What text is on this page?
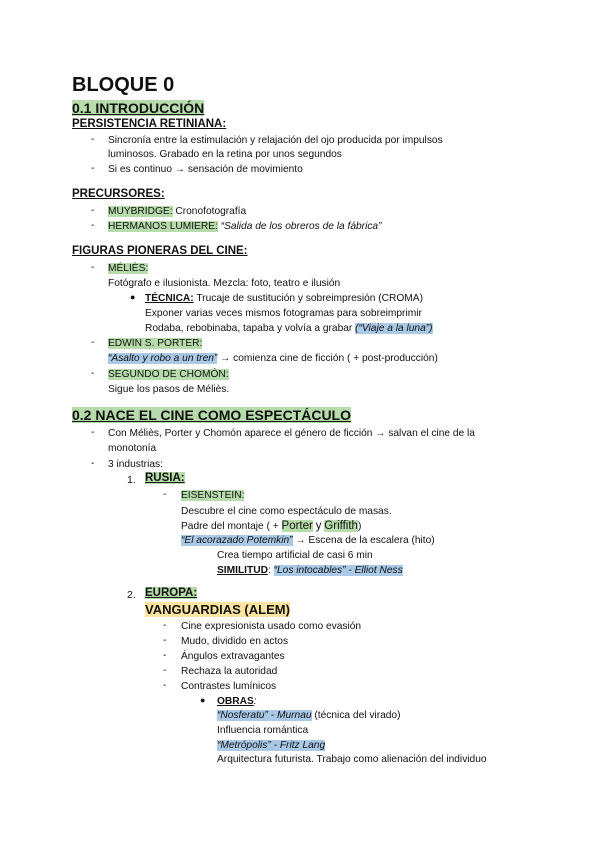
BLOQUE 0
0.1 INTRODUCCIÓN
PERSISTENCIA RETINIANA:
- Sincronía entre la estimulación y relajación del ojo producida por impulsos
luminosos. Grabado en la retina por unos segundos
- Si es continuo → sensación de movimiento
PRECURSORES:
- MUYBRIDGE: Cronofotografía
- HERMANOS LUMIERE: “Salida de los obreros de la fábrica”
FIGURAS PIONERAS DEL CINE:
- MÉLIÈS:
Fotógrafo e ilusionista. Mezcla: foto, teatro e ilusión
● TÉCNICA: Trucaje de sustitución y sobreimpresión (CROMA)
Exponer varias veces mismos fotogramas para sobreimprimir
Rodaba, rebobinaba, tapaba y volvía a grabar (“Viaje a la luna”)
- EDWIN S. PORTER:
“Asalto y robo a un tren” → comienza cine de ficción ( + post-producción)
- SEGUNDO DE CHOMÓN:
Sigue los pasos de Méliès.
0.2 NACE EL CINE COMO ESPECTÁCULO
- Con Méliès, Porter y Chomón aparece el género de ficción → salvan el cine de la
monotonía
- 3 industrias:
1. RUSIA:
- EISENSTEIN:
Descubre el cine como espectáculo de masas.
Padre del montaje ( + Porter y Griffith)
“El acorazado Potemkin” → Escena de la escalera (hito)
Crea tiempo artificial de casi 6 min
SIMILITUD: “Los intocables” - Elliot Ness
2. EUROPA:
VANGUARDIAS (ALEM)
- Cine expresionista usado como evasión
- Mudo, dividido en actos
- Ángulos extravagantes
- Rechaza la autoridad
- Contrastes lumínicos
● OBRAS:
“Nosferatu” - Murnau (técnica del virado)
Influencia romántica
“Metrópolis” - Fritz Lang
Arquitectura futurista. Trabajo como alienación del individuo
